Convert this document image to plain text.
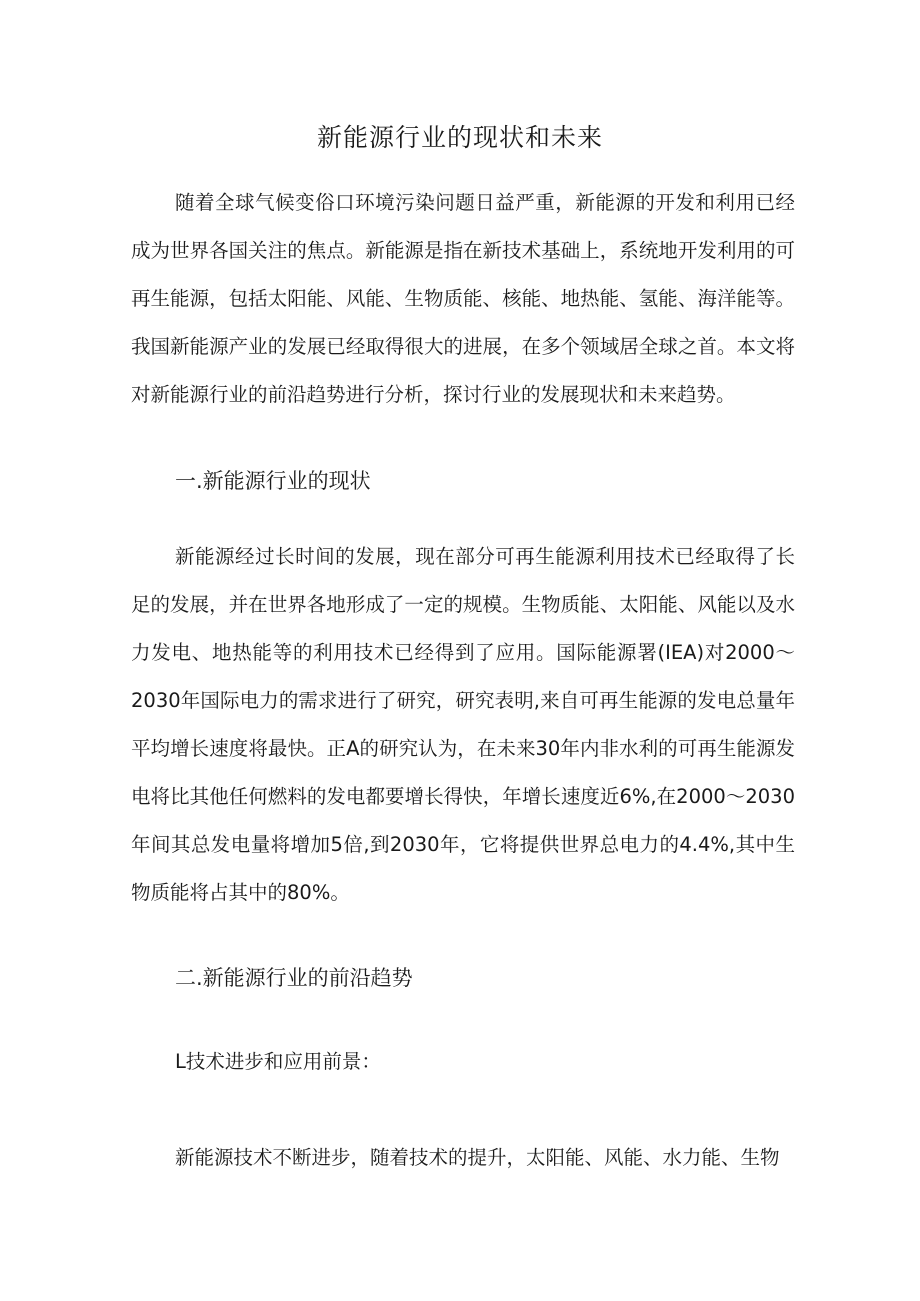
新能源行业的现状和未来

随着全球气候变俗口环境污染问题日益严重，新能源的开发和利用已经成为世界各国关注的焦点。新能源是指在新技术基础上，系统地开发利用的可再生能源，包括太阳能、风能、生物质能、核能、地热能、氢能、海洋能等。我国新能源产业的发展已经取得很大的进展，在多个领域居全球之首。本文将对新能源行业的前沿趋势进行分析，探讨行业的发展现状和未来趋势。

一.新能源行业的现状

新能源经过长时间的发展，现在部分可再生能源利用技术已经取得了长足的发展，并在世界各地形成了一定的规模。生物质能、太阳能、风能以及水力发电、地热能等的利用技术已经得到了应用。国际能源署(IEA)对2000〜2030年国际电力的需求进行了研究，研究表明,来自可再生能源的发电总量年平均增长速度将最快。正A的研究认为，在未来30年内非水利的可再生能源发电将比其他任何燃料的发电都要增长得快，年增长速度近6%,在2000〜2030年间其总发电量将增加5倍,到2030年，它将提供世界总电力的4.4%,其中生物质能将占其中的80%。

二.新能源行业的前沿趋势
L技术进步和应用前景：

新能源技术不断进步，随着技术的提升，太阳能、风能、水力能、生物
